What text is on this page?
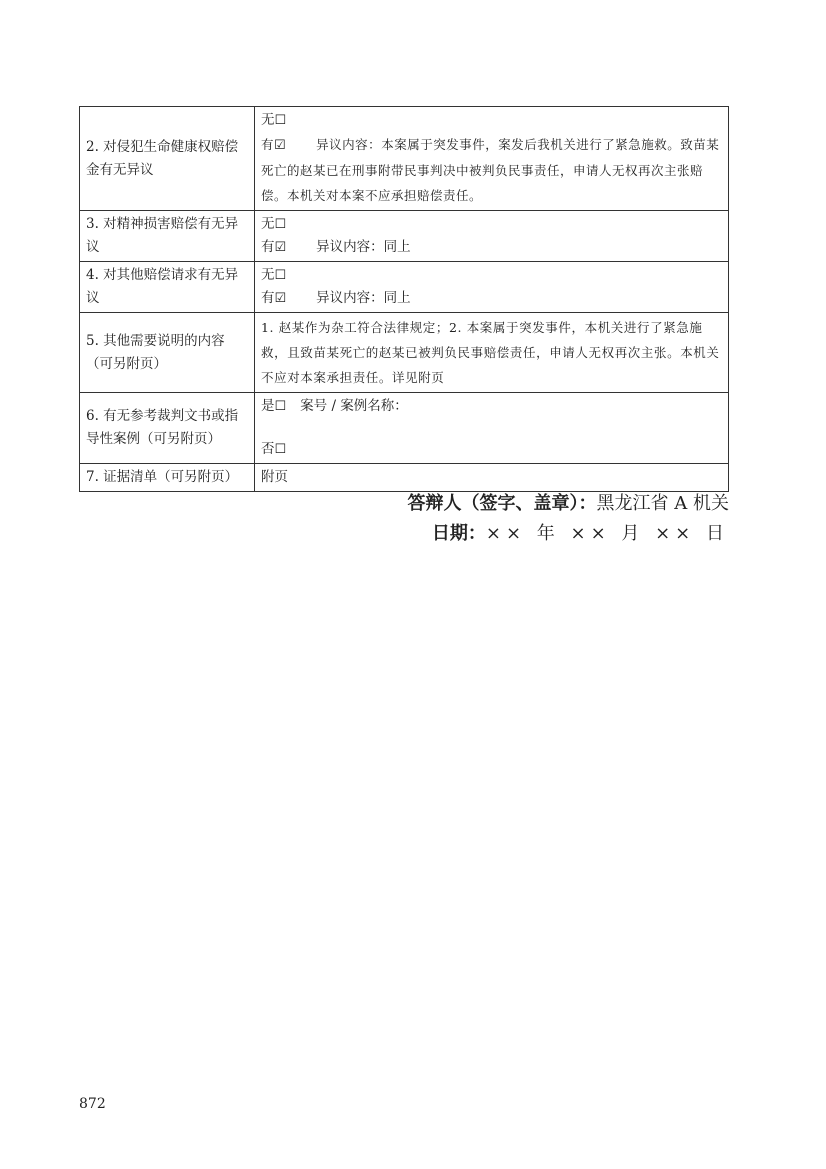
2. 对侵犯生命健康权赔偿金有无异议	无☐
有☑ 异议内容：本案属于突发事件，案发后我机关进行了紧急施救。致苗某死亡的赵某已在刑事附带民事判决中被判负民事责任，申请人无权再次主张赔偿。本机关对本案不应承担赔偿责任。
3. 对精神损害赔偿有无异议	无☐
有☑ 异议内容：同上

4. 对其他赔偿请求有无异议	无☐
有☑ 异议内容：同上

5. 其他需要说明的内容（可另附页）	1. 赵某作为杂工符合法律规定；2. 本案属于突发事件，本机关进行了紧急施救，且致苗某死亡的赵某已被判负民事赔偿责任，申请人无权再次主张。本机关不应对本案承担责任。详见附页

6. 有无参考裁判文书或指导性案例（可另附页）	是☐ 案号 / 案例名称：
否☐

7. 证据清单（可另附页）	附页
答辩人（签字、盖章）：黑龙江省 A 机关
日期：×× 年 ×× 月 ×× 日
872
